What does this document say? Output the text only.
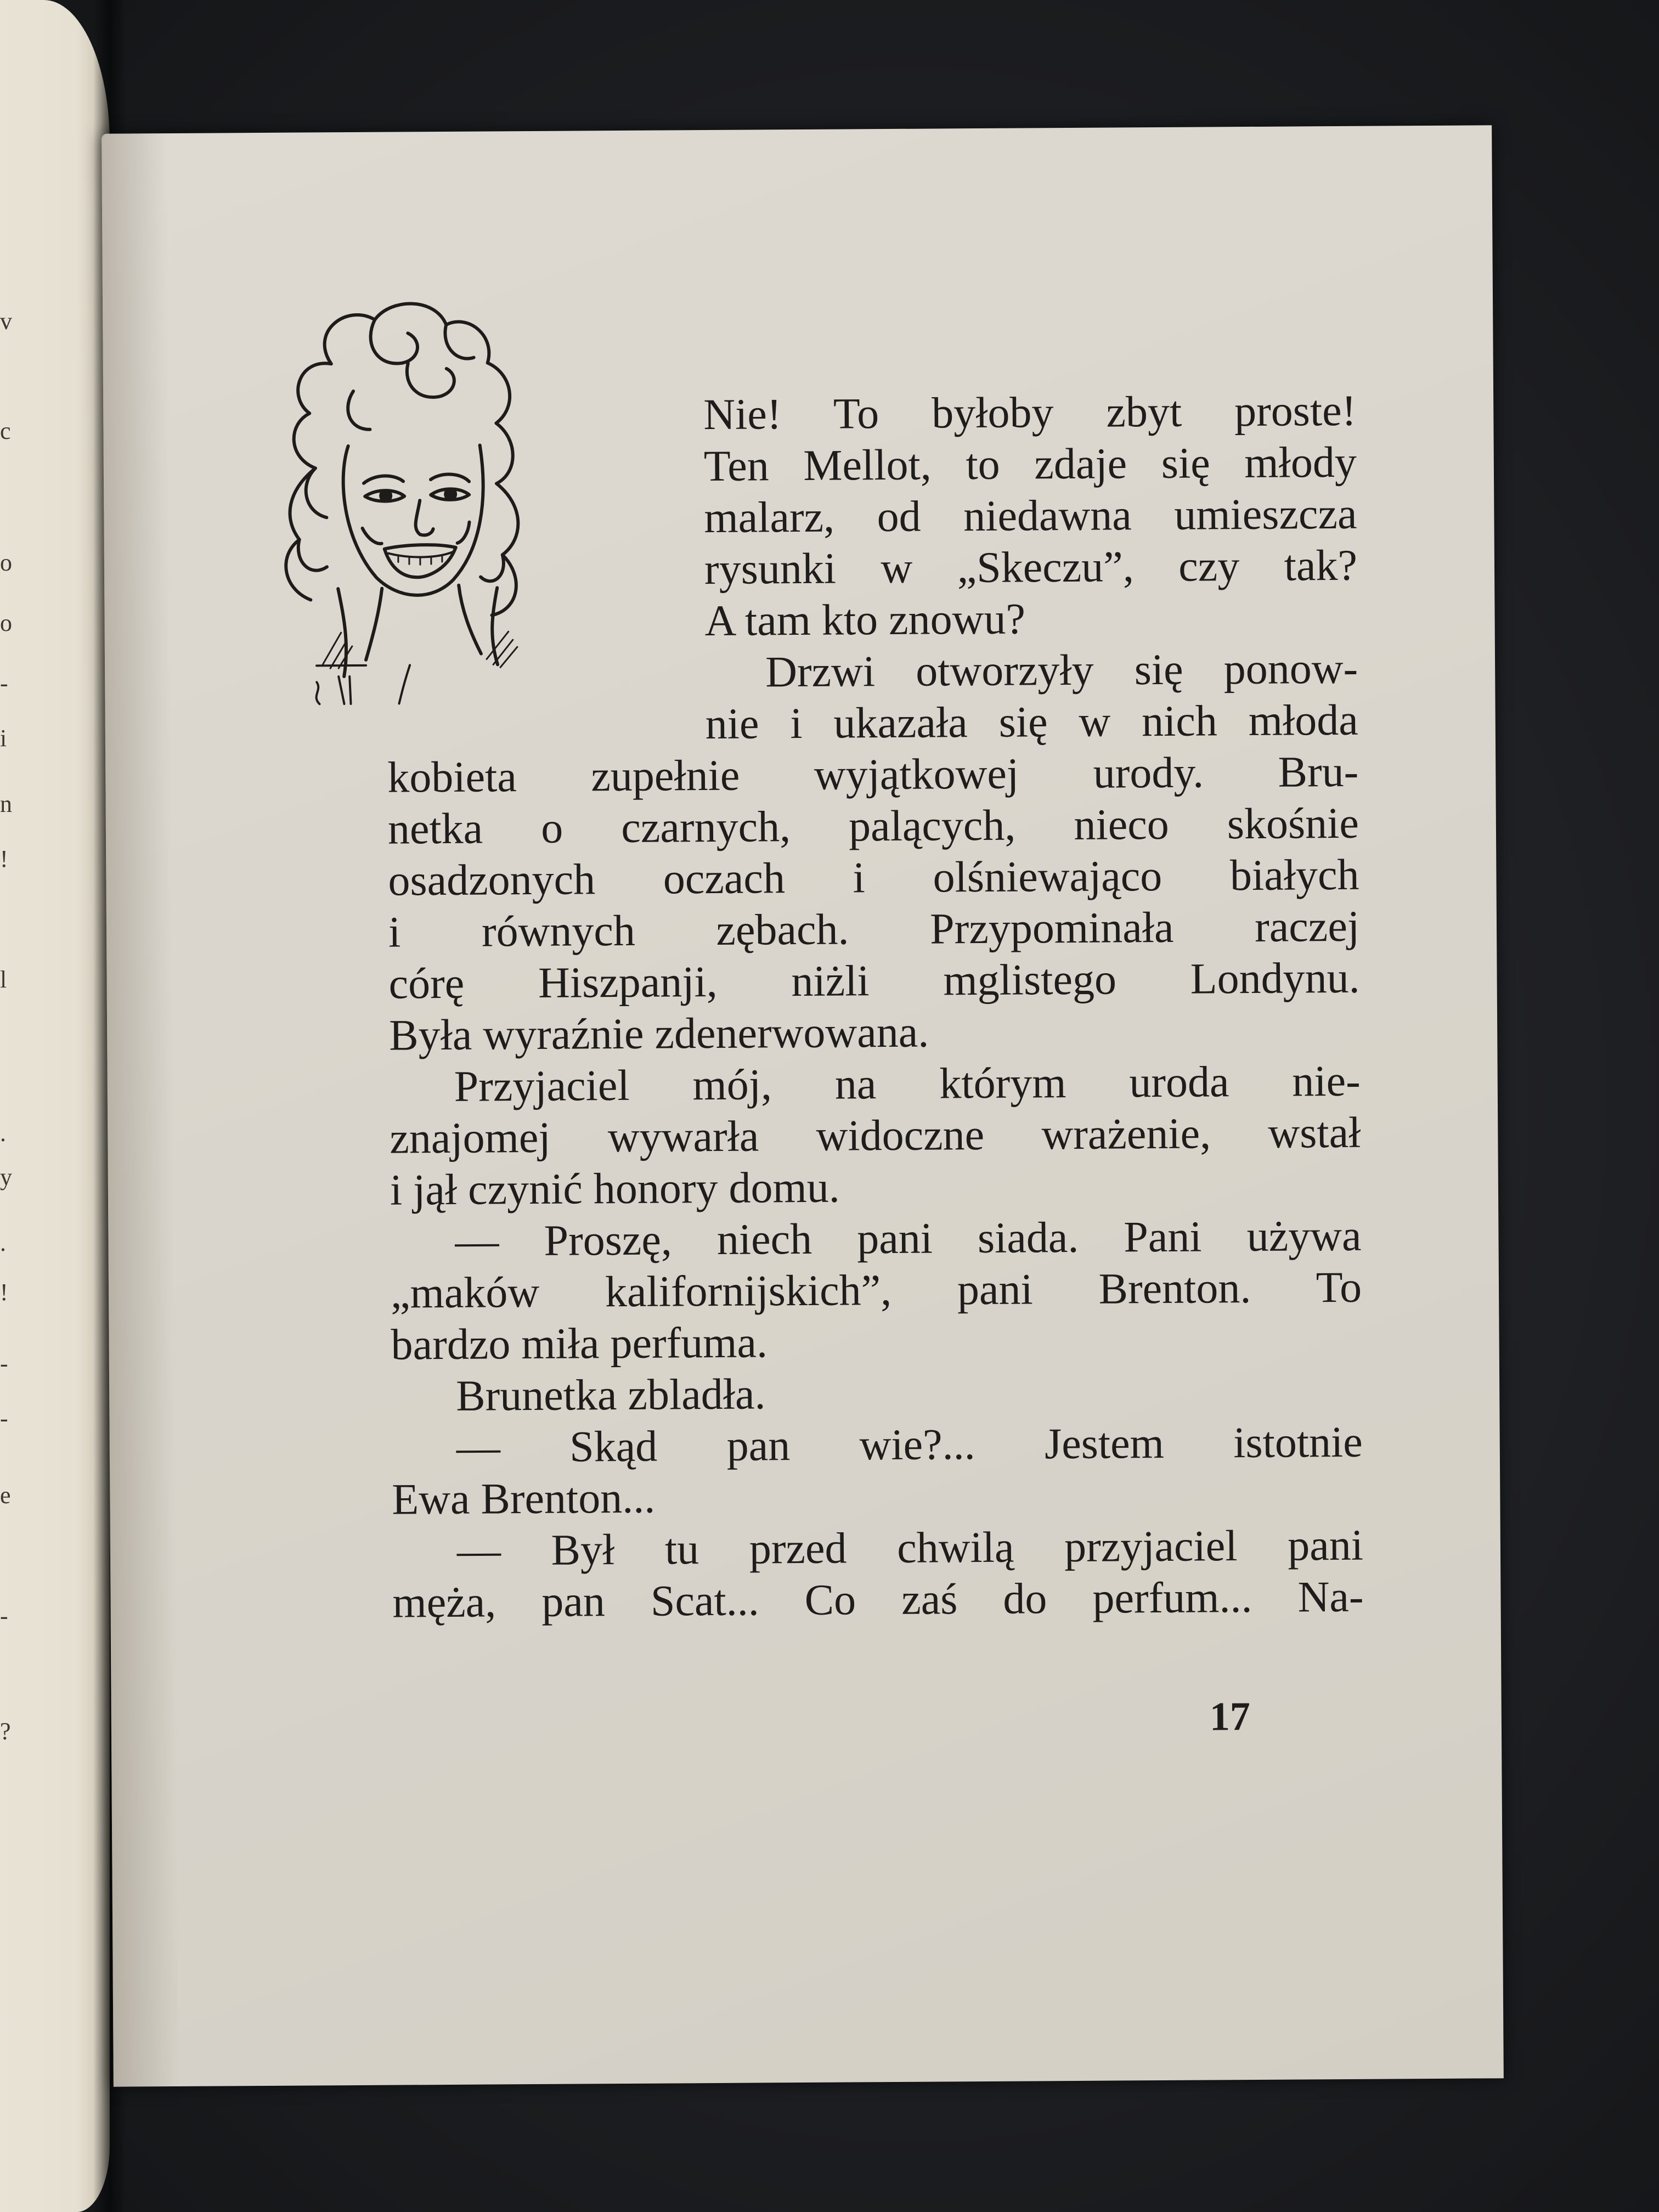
v
c
o
o
-
i
n
!
l
.
y
.
!
-
-
e
-
?
Nie! To byłoby zbyt proste!
Ten Mellot, to zdaje się młody
malarz, od niedawna umieszcza
rysunki w „Skeczu”, czy tak?
A tam kto znowu?
Drzwi otworzyły się ponow-
nie i ukazała się w nich młoda
kobieta zupełnie wyjątkowej urody. Bru-
netka o czarnych, palących, nieco skośnie
osadzonych oczach i olśniewająco białych
i równych zębach. Przypominała raczej
córę Hiszpanji, niżli mglistego Londynu.
Była wyraźnie zdenerwowana.
Przyjaciel mój, na którym uroda nie-
znajomej wywarła widoczne wrażenie, wstał
i jął czynić honory domu.
— Proszę, niech pani siada. Pani używa
„maków kalifornijskich”, pani Brenton. To
bardzo miła perfuma.
Brunetka zbladła.
— Skąd pan wie?... Jestem istotnie
Ewa Brenton...
— Był tu przed chwilą przyjaciel pani
męża, pan Scat... Co zaś do perfum... Na-
17
